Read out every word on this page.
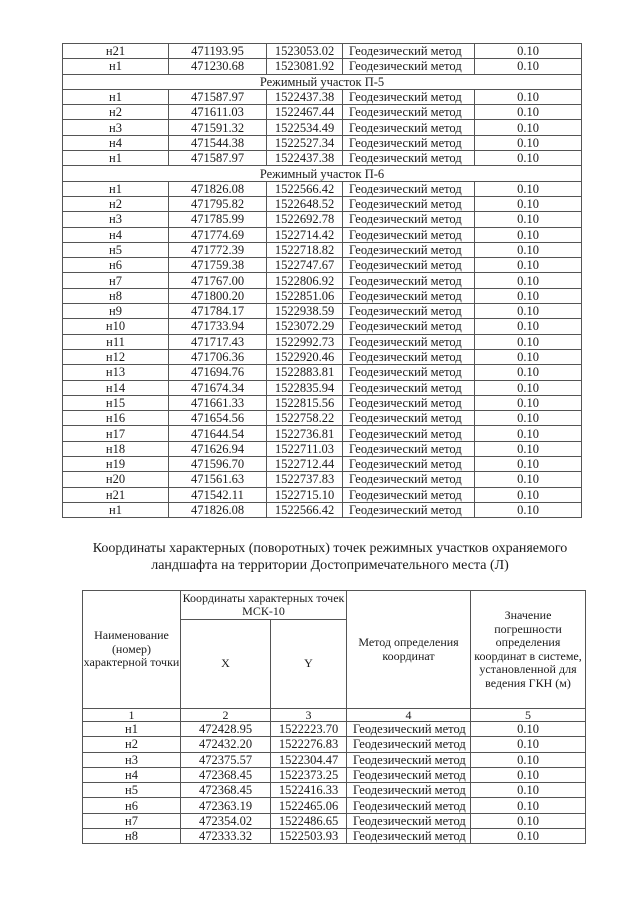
н21	471193.95	1523053.02	Геодезический метод	0.10
н1	471230.68	1523081.92	Геодезический метод	0.10
Режимный участок П-5				
н1	471587.97	1522437.38	Геодезический метод	0.10
н2	471611.03	1522467.44	Геодезический метод	0.10
н3	471591.32	1522534.49	Геодезический метод	0.10
н4	471544.38	1522527.34	Геодезический метод	0.10
н1	471587.97	1522437.38	Геодезический метод	0.10
Режимный участок П-6				
н1	471826.08	1522566.42	Геодезический метод	0.10
н2	471795.82	1522648.52	Геодезический метод	0.10
н3	471785.99	1522692.78	Геодезический метод	0.10
н4	471774.69	1522714.42	Геодезический метод	0.10
н5	471772.39	1522718.82	Геодезический метод	0.10
н6	471759.38	1522747.67	Геодезический метод	0.10
н7	471767.00	1522806.92	Геодезический метод	0.10
н8	471800.20	1522851.06	Геодезический метод	0.10
н9	471784.17	1522938.59	Геодезический метод	0.10
н10	471733.94	1523072.29	Геодезический метод	0.10
н11	471717.43	1522992.73	Геодезический метод	0.10
н12	471706.36	1522920.46	Геодезический метод	0.10
н13	471694.76	1522883.81	Геодезический метод	0.10
н14	471674.34	1522835.94	Геодезический метод	0.10
н15	471661.33	1522815.56	Геодезический метод	0.10
н16	471654.56	1522758.22	Геодезический метод	0.10
н17	471644.54	1522736.81	Геодезический метод	0.10
н18	471626.94	1522711.03	Геодезический метод	0.10
н19	471596.70	1522712.44	Геодезический метод	0.10
н20	471561.63	1522737.83	Геодезический метод	0.10
н21	471542.11	1522715.10	Геодезический метод	0.10
н1	471826.08	1522566.42	Геодезический метод	0.10
Координаты характерных (поворотных) точек режимных участков охраняемого
ландшафта на территории Достопримечательного места (Л)
Наименование (номер) характерной точки	Координаты характерных точек МСК-10		Метод определения координат	Значение погрешности определения координат в системе, установленной для ведения ГКН (м)
	X	Y		
1	2	3	4	5
н1	472428.95	1522223.70	Геодезический метод	0.10
н2	472432.20	1522276.83	Геодезический метод	0.10
н3	472375.57	1522304.47	Геодезический метод	0.10
н4	472368.45	1522373.25	Геодезический метод	0.10
н5	472368.45	1522416.33	Геодезический метод	0.10
н6	472363.19	1522465.06	Геодезический метод	0.10
н7	472354.02	1522486.65	Геодезический метод	0.10
н8	472333.32	1522503.93	Геодезический метод	0.10
